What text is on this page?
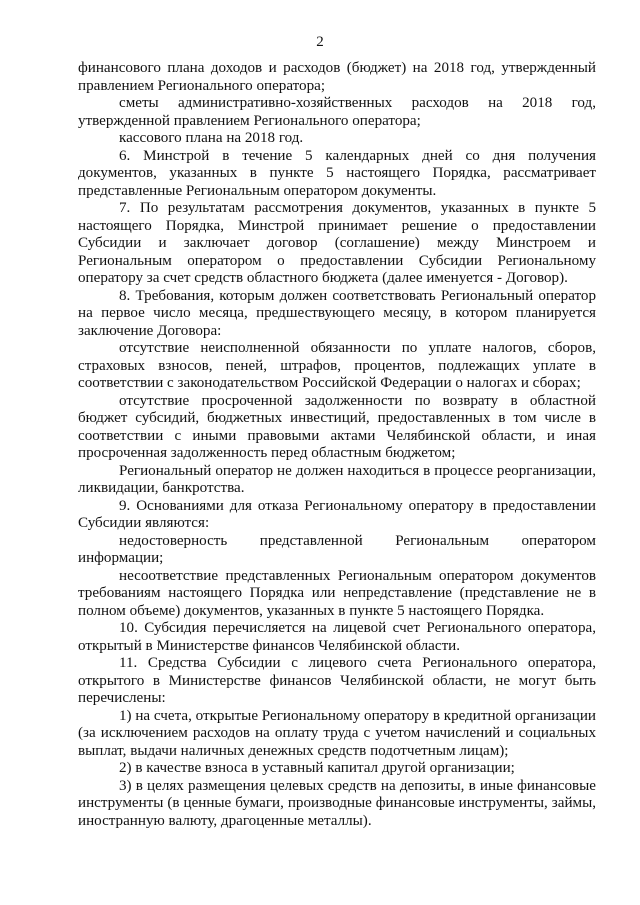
2

финансового плана доходов и расходов (бюджет) на 2018 год, утвержденный правлением Регионального оператора;

сметы административно-хозяйственных расходов на 2018 год, утвержденной правлением Регионального оператора;

кассового плана на 2018 год.

6. Минстрой в течение 5 календарных дней со дня получения документов, указанных в пункте 5 настоящего Порядка, рассматривает представленные Региональным оператором документы.

7. По результатам рассмотрения документов, указанных в пункте 5 настоящего Порядка, Минстрой принимает решение о предоставлении Субсидии и заключает договор (соглашение) между Минстроем и Региональным оператором о предоставлении Субсидии Региональному оператору за счет средств областного бюджета (далее именуется - Договор).

8. Требования, которым должен соответствовать Региональный оператор на первое число месяца, предшествующего месяцу, в котором планируется заключение Договора:

отсутствие неисполненной обязанности по уплате налогов, сборов, страховых взносов, пеней, штрафов, процентов, подлежащих уплате в соответствии с законодательством Российской Федерации о налогах и сборах;

отсутствие просроченной задолженности по возврату в областной бюджет субсидий, бюджетных инвестиций, предоставленных в том числе в соответствии с иными правовыми актами Челябинской области, и иная просроченная задолженность перед областным бюджетом;

Региональный оператор не должен находиться в процессе реорганизации, ликвидации, банкротства.

9. Основаниями для отказа Региональному оператору в предоставлении Субсидии являются:

недостоверность представленной Региональным оператором информации;

несоответствие представленных Региональным оператором документов требованиям настоящего Порядка или непредставление (представление не в полном объеме) документов, указанных в пункте 5 настоящего Порядка.

10. Субсидия перечисляется на лицевой счет Регионального оператора, открытый в Министерстве финансов Челябинской области.

11. Средства Субсидии с лицевого счета Регионального оператора, открытого в Министерстве финансов Челябинской области, не могут быть перечислены:

1) на счета, открытые Региональному оператору в кредитной организации (за исключением расходов на оплату труда с учетом начислений и социальных выплат, выдачи наличных денежных средств подотчетным лицам);

2) в качестве взноса в уставный капитал другой организации;

3) в целях размещения целевых средств на депозиты, в иные финансовые инструменты (в ценные бумаги, производные финансовые инструменты, займы, иностранную валюту, драгоценные металлы).
